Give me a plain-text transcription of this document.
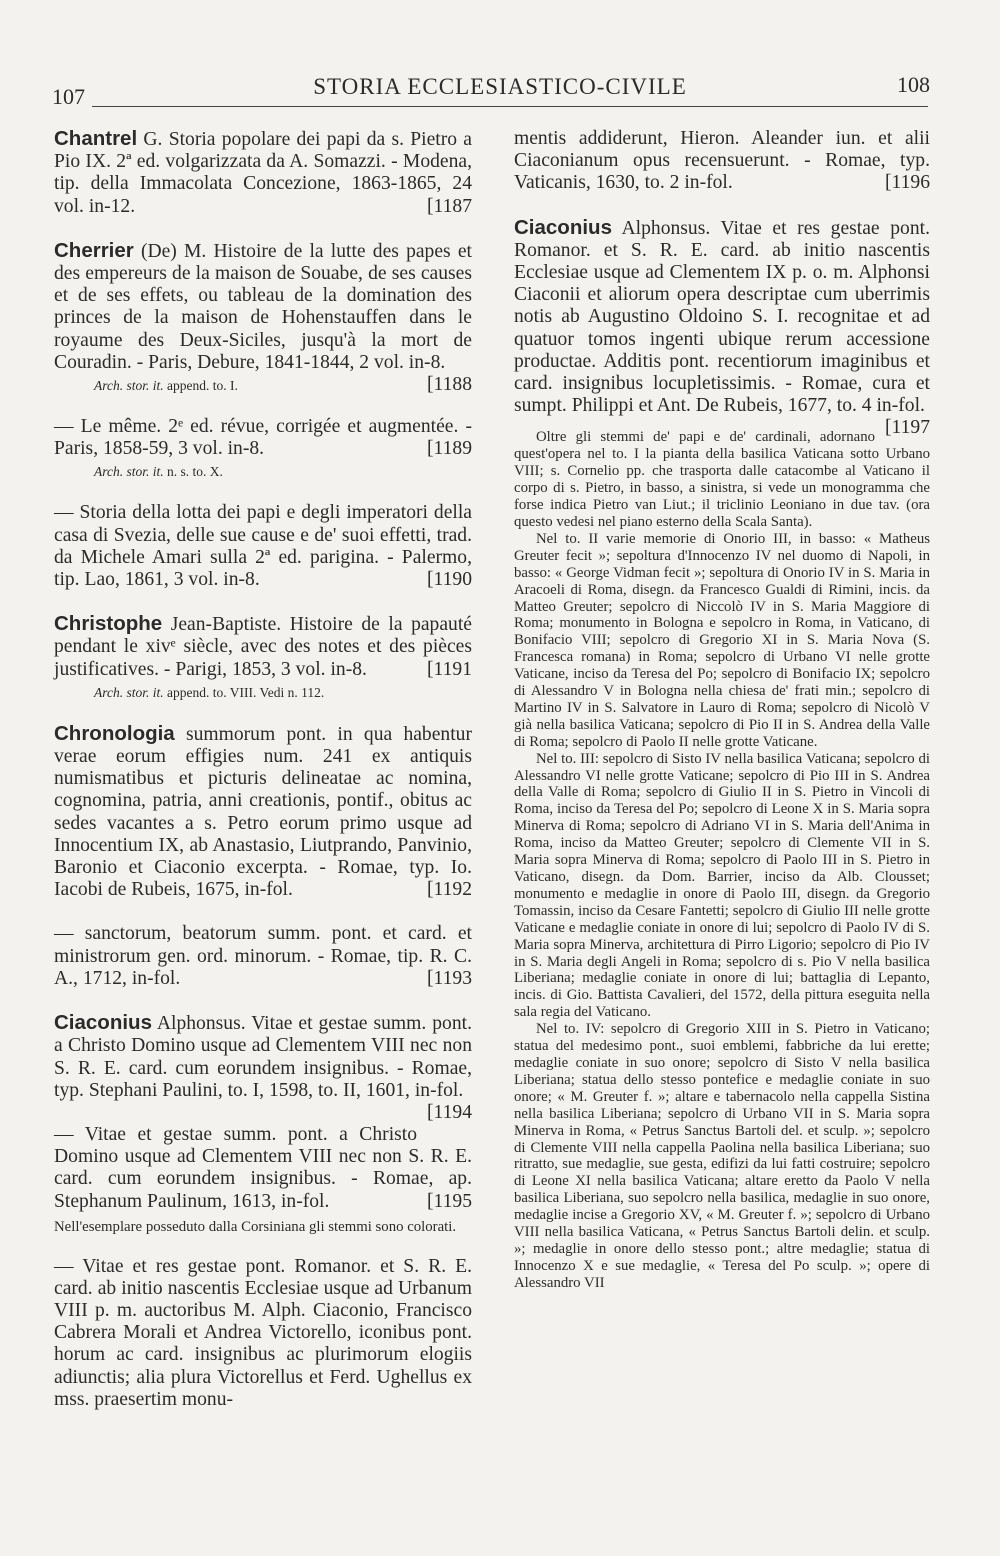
107	STORIA ECCLESIASTICO-CIVILE	108
Chantrel G. Storia popolare dei papi da s. Pietro a Pio IX. 2ª ed. volgarizzata da A. Somazzi. - Modena, tip. della Immacolata Concezione, 1863-1865, 24 vol. in-12.	[1187
Cherrier (De) M. Histoire de la lutte des papes et des empereurs de la maison de Souabe, de ses causes et de ses effets, ou tableau de la domination des princes de la maison de Hohenstauffen dans le royaume des Deux-Siciles, jusqu'à la mort de Couradin. - Paris, Debure, 1841-1844, 2 vol. in-8.
[1188
Arch. stor. it. append. to. I.
— Le même. 2ᵉ ed. révue, corrigée et augmentée. - Paris, 1858-59, 3 vol. in-8.	[1189
Arch. stor. it. n. s. to. X.
— Storia della lotta dei papi e degli imperatori della casa di Svezia, delle sue cause e de' suoi effetti, trad. da Michele Amari sulla 2ª ed. parigina. - Palermo, tip. Lao, 1861, 3 vol. in-8.	[1190
Christophe Jean-Baptiste. Histoire de la papauté pendant le xivᵉ siècle, avec des notes et des pièces justificatives. - Parigi, 1853, 3 vol. in-8.	[1191
Arch. stor. it. append. to. VIII. Vedi n. 112.
Chronologia summorum pont. in qua habentur verae eorum effigies num. 241 ex antiquis numismatibus et picturis delineatae ac nomina, cognomina, patria, anni creationis, pontif., obitus ac sedes vacantes a s. Petro eorum primo usque ad Innocentium IX, ab Anastasio, Liutprando, Panvinio, Baronio et Ciaconio excerpta. - Romae, typ. Io. Iacobi de Rubeis, 1675, in-fol.	[1192
— sanctorum, beatorum summ. pont. et card. et ministrorum gen. ord. minorum. - Romae, tip. R. C. A., 1712, in-fol.	[1193
Ciaconius Alphonsus. Vitae et gestae summ. pont. a Christo Domino usque ad Clementem VIII nec non S. R. E. card. cum eorundem insignibus. - Romae, typ. Stephani Paulini, to. I, 1598, to. II, 1601, in-fol.
[1194
— Vitae et gestae summ. pont. a Christo Domino usque ad Clementem VIII nec non S. R. E. card. cum eorundem insignibus. - Romae, ap. Stephanum Paulinum, 1613, in-fol.	[1195
Nell'esemplare posseduto dalla Corsiniana gli stemmi sono colorati.
— Vitae et res gestae pont. Romanor. et S. R. E. card. ab initio nascentis Ecclesiae usque ad Urbanum VIII p. m. auctoribus M. Alph. Ciaconio, Francisco Cabrera Morali et Andrea Victorello, iconibus pont. horum ac card. insignibus ac plurimorum elogiis adiunctis; alia plura Victorellus et Ferd. Ughellus ex mss. praesertim monu-
mentis addiderunt, Hieron. Aleander iun. et alii Ciaconianum opus recensuerunt. - Romae, typ. Vaticanis, 1630, to. 2 in-fol.	[1196
Ciaconius Alphonsus. Vitae et res gestae pont. Romanor. et S. R. E. card. ab initio nascentis Ecclesiae usque ad Clementem IX p. o. m. Alphonsi Ciaconii et aliorum opera descriptae cum uberrimis notis ab Augustino Oldoino S. I. recognitae et ad quatuor tomos ingenti ubique rerum accessione productae. Additis pont. recentiorum imaginibus et card. insignibus locupletissimis. - Romae, cura et sumpt. Philippi et Ant. De Rubeis, 1677, to. 4 in-fol.
[1197

Oltre gli stemmi de' papi e de' cardinali, adornano quest'opera nel to. I la pianta della basilica Vaticana sotto Urbano VIII; s. Cornelio pp. che trasporta dalle catacombe al Vaticano il corpo di s. Pietro, in basso, a sinistra, si vede un monogramma che forse indica Pietro van Liut.; il triclinio Leoniano in due tav. (ora questo vedesi nel piano esterno della Scala Santa).

Nel to. II varie memorie di Onorio III, in basso: « Matheus Greuter fecit »; sepoltura d'Innocenzo IV nel duomo di Napoli, in basso: « George Vidman fecit »; sepoltura di Onorio IV in S. Maria in Aracoeli di Roma, disegn. da Francesco Gualdi di Rimini, incis. da Matteo Greuter; sepolcro di Niccolò IV in S. Maria Maggiore di Roma; monumento in Bologna e sepolcro in Roma, in Vaticano, di Bonifacio VIII; sepolcro di Gregorio XI in S. Maria Nova (S. Francesca romana) in Roma; sepolcro di Urbano VI nelle grotte Vaticane, inciso da Teresa del Po; sepolcro di Bonifacio IX; sepolcro di Alessandro V in Bologna nella chiesa de' frati min.; sepolcro di Martino IV in S. Salvatore in Lauro di Roma; sepolcro di Nicolò V già nella basilica Vaticana; sepolcro di Pio II in S. Andrea della Valle di Roma; sepolcro di Paolo II nelle grotte Vaticane.

Nel to. III: sepolcro di Sisto IV nella basilica Vaticana; sepolcro di Alessandro VI nelle grotte Vaticane; sepolcro di Pio III in S. Andrea della Valle di Roma; sepolcro di Giulio II in S. Pietro in Vincoli di Roma, inciso da Teresa del Po; sepolcro di Leone X in S. Maria sopra Minerva di Roma; sepolcro di Adriano VI in S. Maria dell'Anima in Roma, inciso da Matteo Greuter; sepolcro di Clemente VII in S. Maria sopra Minerva di Roma; sepolcro di Paolo III in S. Pietro in Vaticano, disegn. da Dom. Barrier, inciso da Alb. Clousset; monumento e medaglie in onore di Paolo III, disegn. da Gregorio Tomassin, inciso da Cesare Fantetti; sepolcro di Giulio III nelle grotte Vaticane e medaglie coniate in onore di lui; sepolcro di Paolo IV di S. Maria sopra Minerva, architettura di Pirro Ligorio; sepolcro di Pio IV in S. Maria degli Angeli in Roma; sepolcro di s. Pio V nella basilica Liberiana; medaglie coniate in onore di lui; battaglia di Lepanto, incis. di Gio. Battista Cavalieri, del 1572, della pittura eseguita nella sala regia del Vaticano.

Nel to. IV: sepolcro di Gregorio XIII in S. Pietro in Vaticano; statua del medesimo pont., suoi emblemi, fabbriche da lui erette; medaglie coniate in suo onore; sepolcro di Sisto V nella basilica Liberiana; statua dello stesso pontefice e medaglie coniate in suo onore; « M. Greuter f. »; altare e tabernacolo nella cappella Sistina nella basilica Liberiana; sepolcro di Urbano VII in S. Maria sopra Minerva in Roma, « Petrus Sanctus Bartoli del. et sculp. »; sepolcro di Clemente VIII nella cappella Paolina nella basilica Liberiana; suo ritratto, sue medaglie, sue gesta, edifizi da lui fatti costruire; sepolcro di Leone XI nella basilica Vaticana; altare eretto da Paolo V nella basilica Liberiana, suo sepolcro nella basilica, medaglie in suo onore, medaglie incise a Gregorio XV, « M. Greuter f. »; sepolcro di Urbano VIII nella basilica Vaticana, « Petrus Sanctus Bartoli delin. et sculp. »; medaglie in onore dello stesso pont.; altre medaglie; statua di Innocenzo X e sue medaglie, « Teresa del Po sculp. »; opere di Alessandro VII
